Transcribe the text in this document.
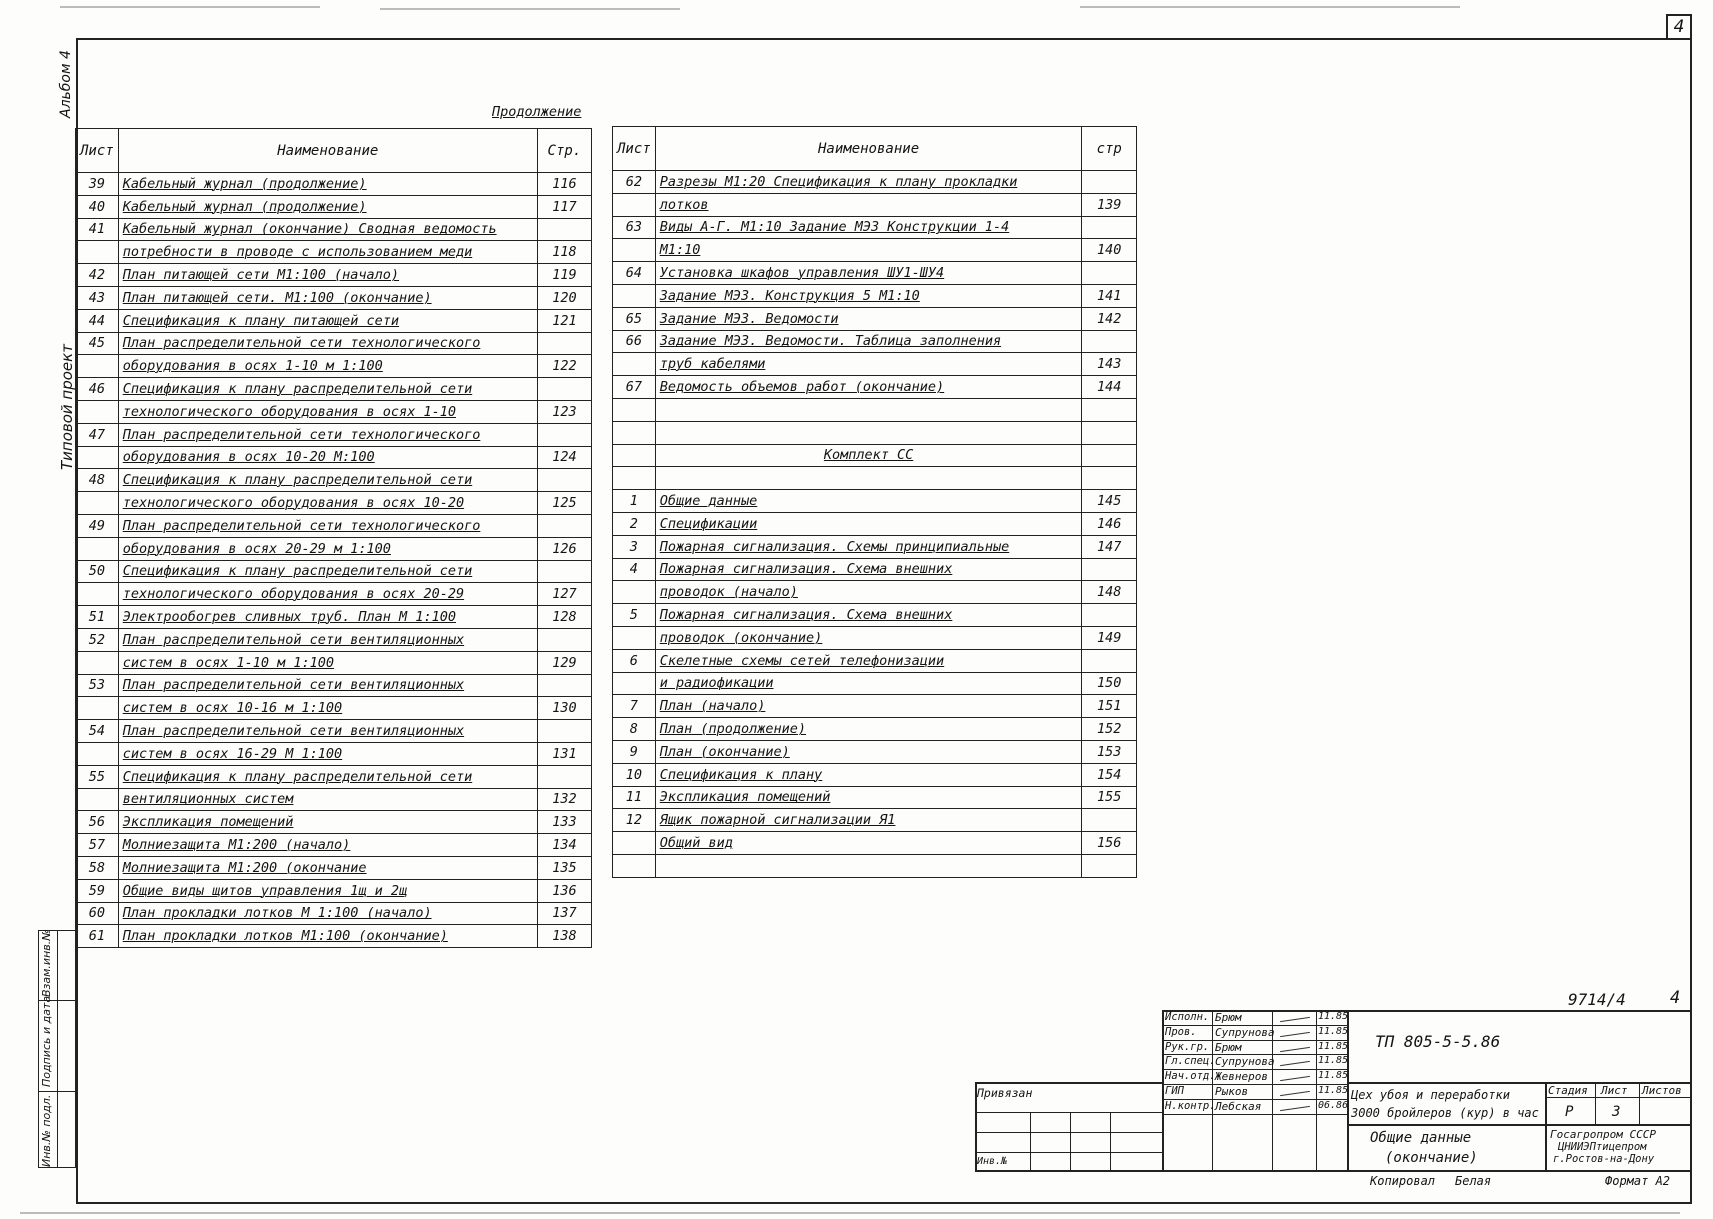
4
Альбом 4
Типовой проект
Инв.№ подл.
Подпись и дата
Взам.инв.№
Продолжение
Лист	Наименование	Стр.
39	Кабельный журнал (продолжение)	116
40	Кабельный журнал (продолжение)	117
41	Кабельный журнал (окончание) Сводная ведомость	
	потребности в проводе с использованием меди	118
42	План питающей сети М1:100 (начало)	119
43	План питающей сети. М1:100 (окончание)	120
44	Спецификация к плану питающей сети	121
45	План распределительной сети технологического	
	оборудования в осях 1-10 м 1:100	122
46	Спецификация к плану распределительной сети	
	технологического оборудования в осях 1-10	123
47	План распределительной сети технологического	
	оборудования в осях 10-20 М:100	124
48	Спецификация к плану распределительной сети	
	технологического оборудования в осях 10-20	125
49	План распределительной сети технологического	
	оборудования в осях 20-29 м 1:100	126
50	Спецификация к плану распределительной сети	
	технологического оборудования в осях 20-29	127
51	Электрообогрев сливных труб. План М 1:100	128
52	План распределительной сети вентиляционных	
	систем в осях 1-10 м 1:100	129
53	План распределительной сети вентиляционных	
	систем в осях 10-16 м 1:100	130
54	План распределительной сети вентиляционных	
	систем в осях 16-29 М 1:100	131
55	Спецификация к плану распределительной сети	
	вентиляционных систем	132
56	Экспликация помещений	133
57	Молниезащита М1:200 (начало)	134
58	Молниезащита М1:200 (окончание	135
59	Общие виды щитов управления 1щ и 2щ	136
60	План прокладки лотков М 1:100 (начало)	137
61	План прокладки лотков М1:100 (окончание)	138
Лист	Наименование	стр
62	Разрезы М1:20 Спецификация к плану прокладки	
	лотков	139
63	Виды А-Г. М1:10 Задание МЭЗ Конструкции 1-4	
	М1:10	140
64	Установка шкафов управления ШУ1-ШУ4	
	Задание МЭЗ. Конструкция 5 М1:10	141
65	Задание МЭЗ. Ведомости	142
66	Задание МЭЗ. Ведомости. Таблица заполнения	
	труб кабелями	143
67	Ведомость объемов работ (окончание)	144

	Комплект СС	

1	Общие данные	145
2	Спецификации	146
3	Пожарная сигнализация. Схемы принципиальные	147
4	Пожарная сигнализация. Схема внешних	
	проводок (начало)	148
5	Пожарная сигнализация. Схема внешних	
	проводок (окончание)	149
6	Скелетные схемы сетей телефонизации	
	и радиофикации	150
7	План (начало)	151
8	План (продолжение)	152
9	План (окончание)	153
10	Спецификация к плану	154
11	Экспликация помещений	155
12	Ящик пожарной сигнализации Я1	
	Общий вид	156

9714/4	4
Привязан
Инв.№
Исполн. Брюм	11.85
Пров. Супрунова	11.85
Рук.гр. Брюм	11.85
Гл.спец. Супрунова	11.85
Нач.отд. Жевнеров	11.85
ГИП	Рыков	11.85
Н.контр. Лебская	06.86
ТП 805-5-5.86
Цех убоя и переработки
3000 бройлеров (кур) в час
Общие данные
(окончание)
Стадия Лист Листов
Р	3
Госагропром СССР
ЦНИИЭПтицепром
г.Ростов-на-Дону
Копировал Белая	Формат А2
